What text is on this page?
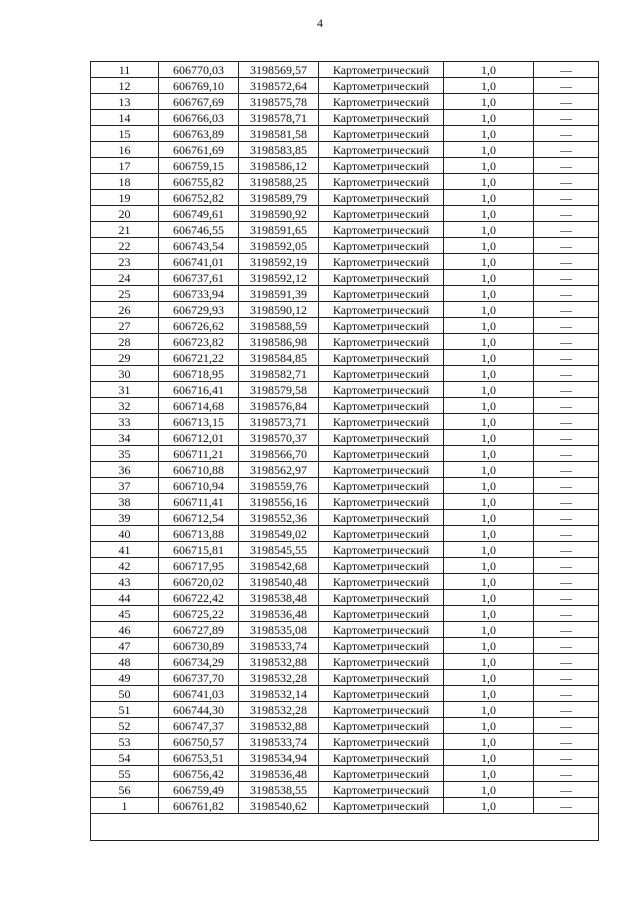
4
11	606770,03	3198569,57	Картометрический	1,0	—
12	606769,10	3198572,64	Картометрический	1,0	—
13	606767,69	3198575,78	Картометрический	1,0	—
14	606766,03	3198578,71	Картометрический	1,0	—
15	606763,89	3198581,58	Картометрический	1,0	—
16	606761,69	3198583,85	Картометрический	1,0	—
17	606759,15	3198586,12	Картометрический	1,0	—
18	606755,82	3198588,25	Картометрический	1,0	—
19	606752,82	3198589,79	Картометрический	1,0	—
20	606749,61	3198590,92	Картометрический	1,0	—
21	606746,55	3198591,65	Картометрический	1,0	—
22	606743,54	3198592,05	Картометрический	1,0	—
23	606741,01	3198592,19	Картометрический	1,0	—
24	606737,61	3198592,12	Картометрический	1,0	—
25	606733,94	3198591,39	Картометрический	1,0	—
26	606729,93	3198590,12	Картометрический	1,0	—
27	606726,62	3198588,59	Картометрический	1,0	—
28	606723,82	3198586,98	Картометрический	1,0	—
29	606721,22	3198584,85	Картометрический	1,0	—
30	606718,95	3198582,71	Картометрический	1,0	—
31	606716,41	3198579,58	Картометрический	1,0	—
32	606714,68	3198576,84	Картометрический	1,0	—
33	606713,15	3198573,71	Картометрический	1,0	—
34	606712,01	3198570,37	Картометрический	1,0	—
35	606711,21	3198566,70	Картометрический	1,0	—
36	606710,88	3198562,97	Картометрический	1,0	—
37	606710,94	3198559,76	Картометрический	1,0	—
38	606711,41	3198556,16	Картометрический	1,0	—
39	606712,54	3198552,36	Картометрический	1,0	—
40	606713,88	3198549,02	Картометрический	1,0	—
41	606715,81	3198545,55	Картометрический	1,0	—
42	606717,95	3198542,68	Картометрический	1,0	—
43	606720,02	3198540,48	Картометрический	1,0	—
44	606722,42	3198538,48	Картометрический	1,0	—
45	606725,22	3198536,48	Картометрический	1,0	—
46	606727,89	3198535,08	Картометрический	1,0	—
47	606730,89	3198533,74	Картометрический	1,0	—
48	606734,29	3198532,88	Картометрический	1,0	—
49	606737,70	3198532,28	Картометрический	1,0	—
50	606741,03	3198532,14	Картометрический	1,0	—
51	606744,30	3198532,28	Картометрический	1,0	—
52	606747,37	3198532,88	Картометрический	1,0	—
53	606750,57	3198533,74	Картометрический	1,0	—
54	606753,51	3198534,94	Картометрический	1,0	—
55	606756,42	3198536,48	Картометрический	1,0	—
56	606759,49	3198538,55	Картометрический	1,0	—
1	606761,82	3198540,62	Картометрический	1,0	—
